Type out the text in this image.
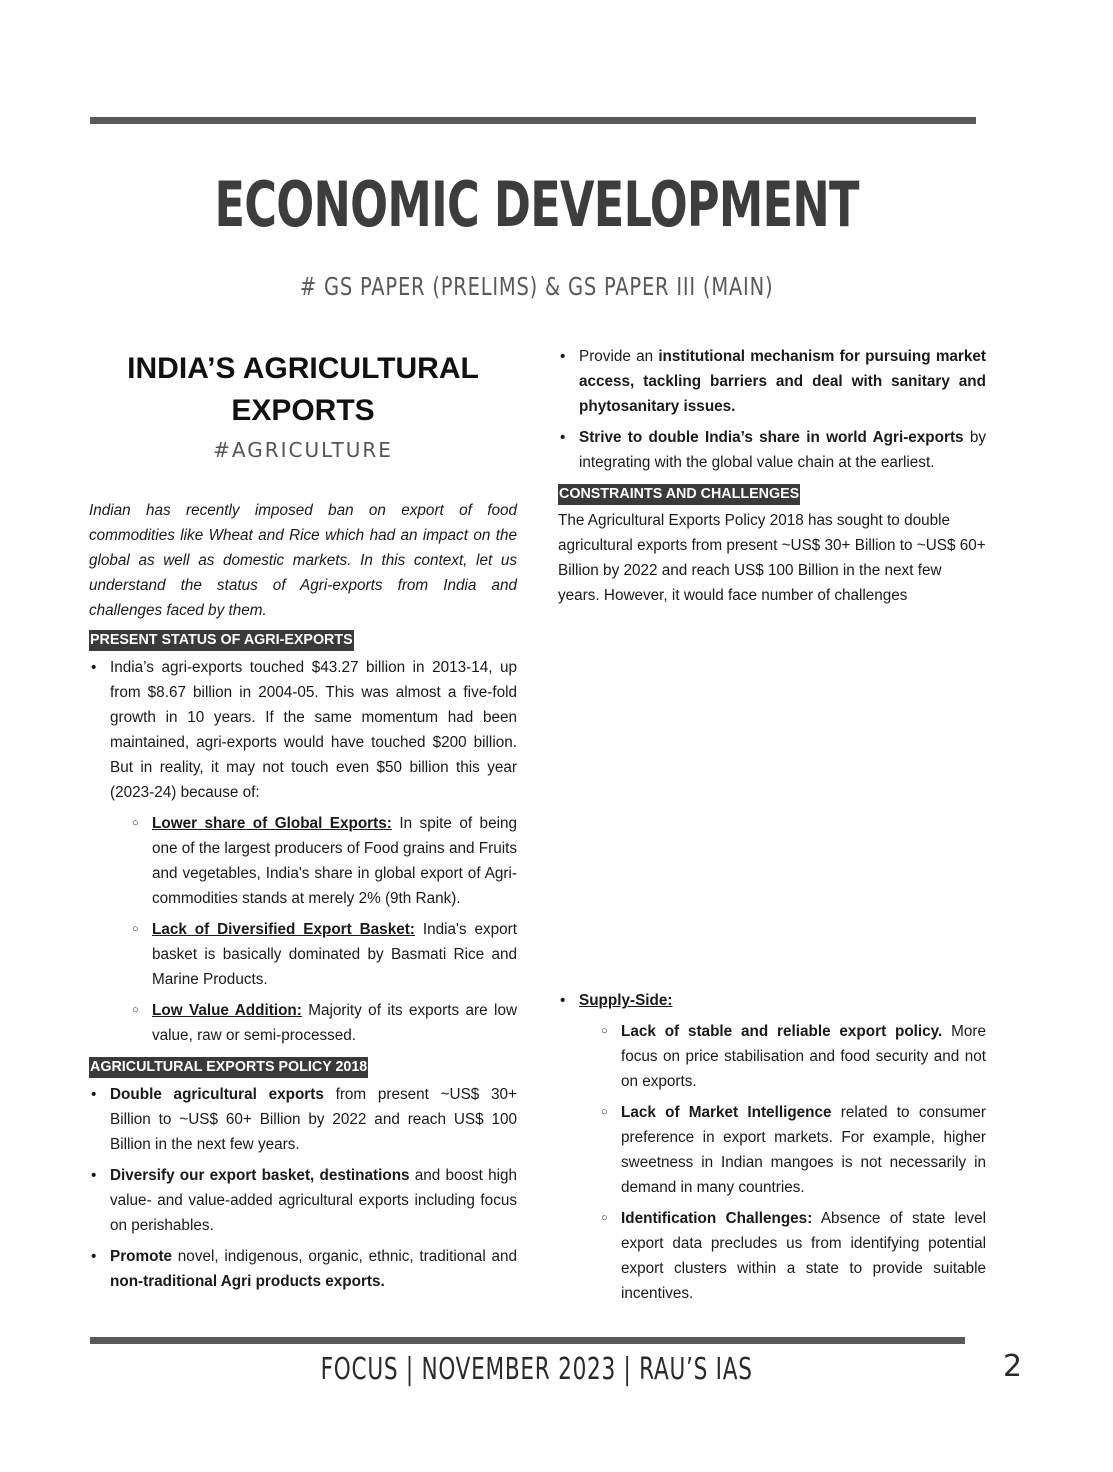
ECONOMIC DEVELOPMENT
# GS PAPER (PRELIMS) & GS PAPER III (MAIN)
INDIA’S AGRICULTURAL
EXPORTS
#AGRICULTURE

Indian has recently imposed ban on export of food commodities like Wheat and Rice which had an impact on the global as well as domestic markets. In this context, let us understand the status of Agri-exports from India and challenges faced by them.

PRESENT STATUS OF AGRI-EXPORTS
• India’s agri-exports touched $43.27 billion in 2013-14, up from $8.67 billion in 2004-05. This was almost a five-fold growth in 10 years. If the same momentum had been maintained, agri-exports would have touched $200 billion. But in reality, it may not touch even $50 billion this year (2023-24) because of:
○ Lower share of Global Exports: In spite of being one of the largest producers of Food grains and Fruits and vegetables, India's share in global export of Agri-commodities stands at merely 2% (9th Rank).
○ Lack of Diversified Export Basket: India's export basket is basically dominated by Basmati Rice and Marine Products.
○ Low Value Addition: Majority of its exports are low value, raw or semi-processed.
AGRICULTURAL EXPORTS POLICY 2018
• Double agricultural exports from present ~US$ 30+ Billion to ~US$ 60+ Billion by 2022 and reach US$ 100 Billion in the next few years.
• Diversify our export basket, destinations and boost high value- and value-added agricultural exports including focus on perishables.
• Promote novel, indigenous, organic, ethnic, traditional and non-traditional Agri products exports.
• Provide an institutional mechanism for pursuing market access, tackling barriers and deal with sanitary and phytosanitary issues.
• Strive to double India’s share in world Agri-exports by integrating with the global value chain at the earliest.
CONSTRAINTS AND CHALLENGES

The Agricultural Exports Policy 2018 has sought to double agricultural exports from present ~US$ 30+ Billion to ~US$ 60+ Billion by 2022 and reach US$ 100 Billion in the next few years. However, it would face number of challenges

• Supply-Side:
○ Lack of stable and reliable export policy. More focus on price stabilisation and food security and not on exports.
○ Lack of Market Intelligence related to consumer preference in export markets. For example, higher sweetness in Indian mangoes is not necessarily in demand in many countries.
○ Identification Challenges: Absence of state level export data precludes us from identifying potential export clusters within a state to provide suitable incentives.
FOCUS | NOVEMBER 2023 | RAU’S IAS	2
